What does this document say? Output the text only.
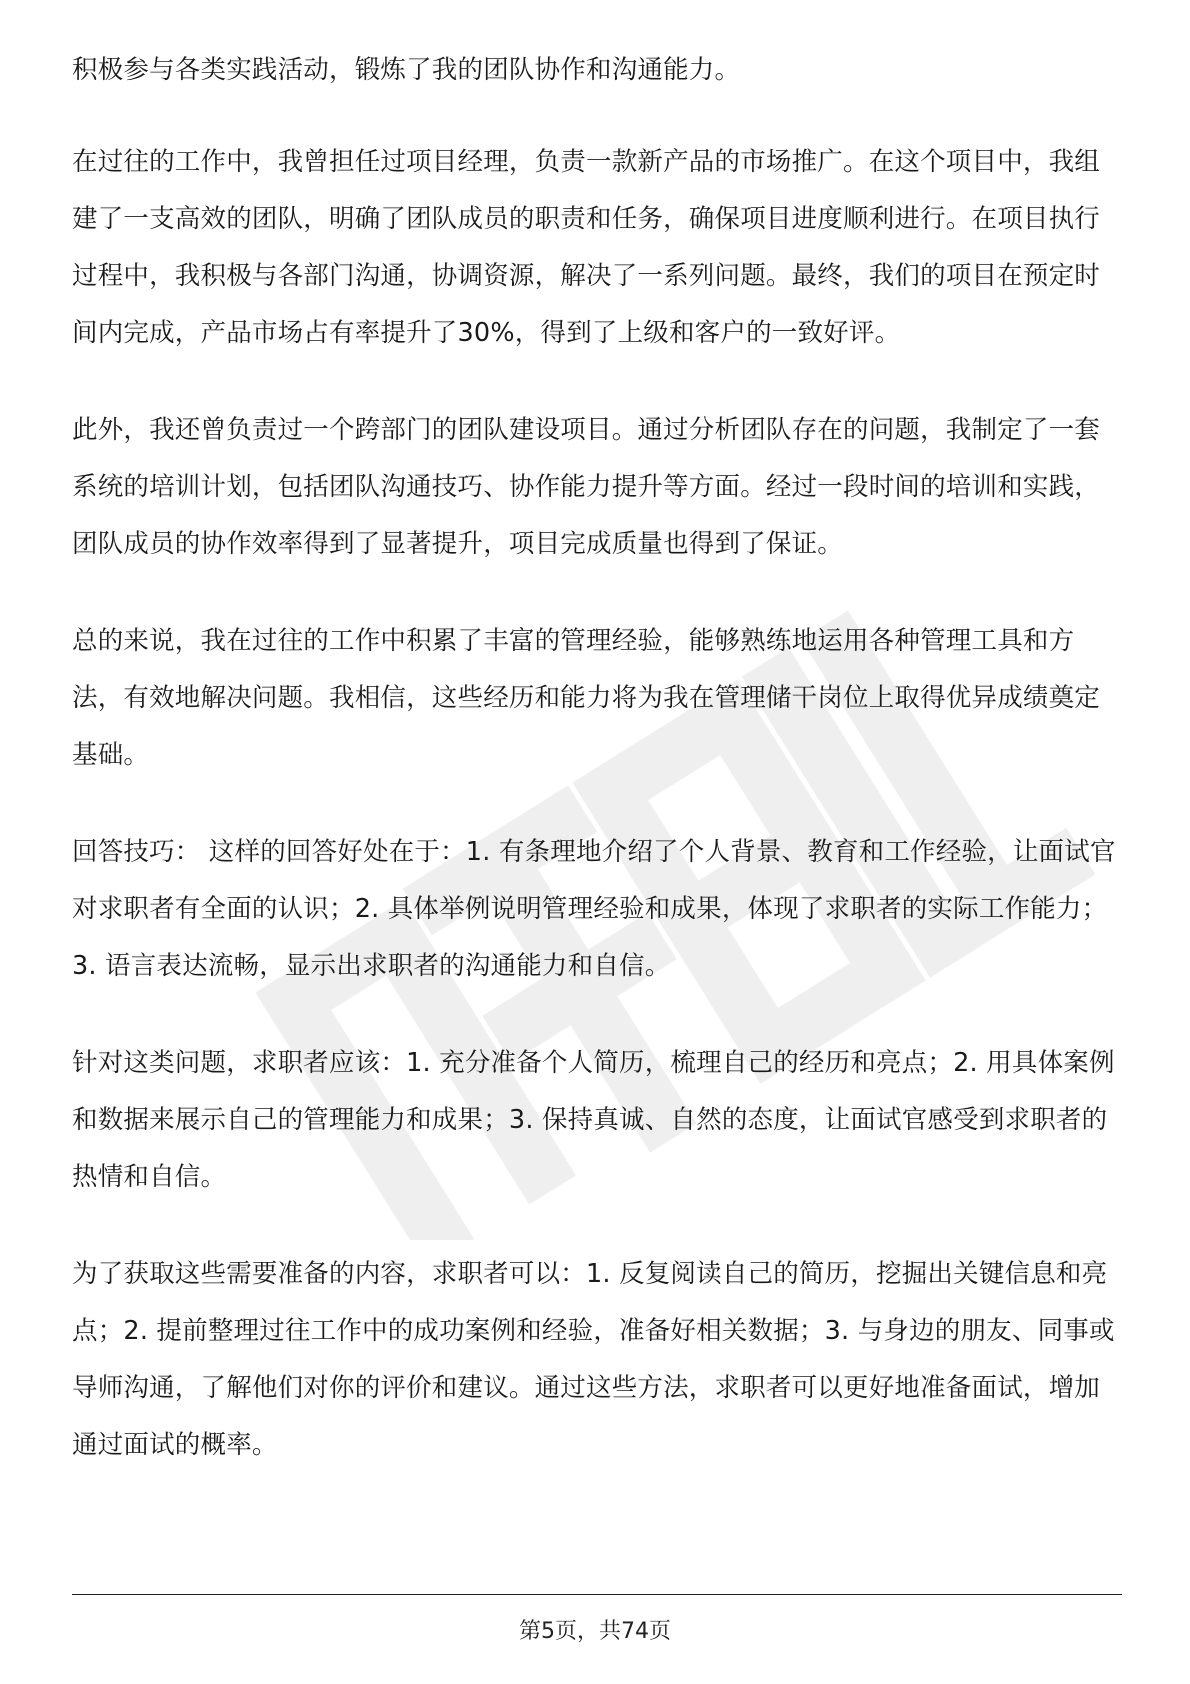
积极参与各类实践活动，锻炼了我的团队协作和沟通能力。

在过往的工作中，我曾担任过项目经理，负责一款新产品的市场推广。在这个项目中，我组建了一支高效的团队，明确了团队成员的职责和任务，确保项目进度顺利进行。在项目执行过程中，我积极与各部门沟通，协调资源，解决了一系列问题。最终，我们的项目在预定时间内完成，产品市场占有率提升了30%，得到了上级和客户的一致好评。

此外，我还曾负责过一个跨部门的团队建设项目。通过分析团队存在的问题，我制定了一套系统的培训计划，包括团队沟通技巧、协作能力提升等方面。经过一段时间的培训和实践，团队成员的协作效率得到了显著提升，项目完成质量也得到了保证。

总的来说，我在过往的工作中积累了丰富的管理经验，能够熟练地运用各种管理工具和方法，有效地解决问题。我相信，这些经历和能力将为我在管理储干岗位上取得优异成绩奠定基础。

回答技巧： 这样的回答好处在于：1. 有条理地介绍了个人背景、教育和工作经验，让面试官对求职者有全面的认识；2. 具体举例说明管理经验和成果，体现了求职者的实际工作能力；3. 语言表达流畅，显示出求职者的沟通能力和自信。

针对这类问题，求职者应该：1. 充分准备个人简历，梳理自己的经历和亮点；2. 用具体案例和数据来展示自己的管理能力和成果；3. 保持真诚、自然的态度，让面试官感受到求职者的热情和自信。

为了获取这些需要准备的内容，求职者可以：1. 反复阅读自己的简历，挖掘出关键信息和亮点；2. 提前整理过往工作中的成功案例和经验，准备好相关数据；3. 与身边的朋友、同事或导师沟通，了解他们对你的评价和建议。通过这些方法，求职者可以更好地准备面试，增加通过面试的概率。

第5页，共74页
